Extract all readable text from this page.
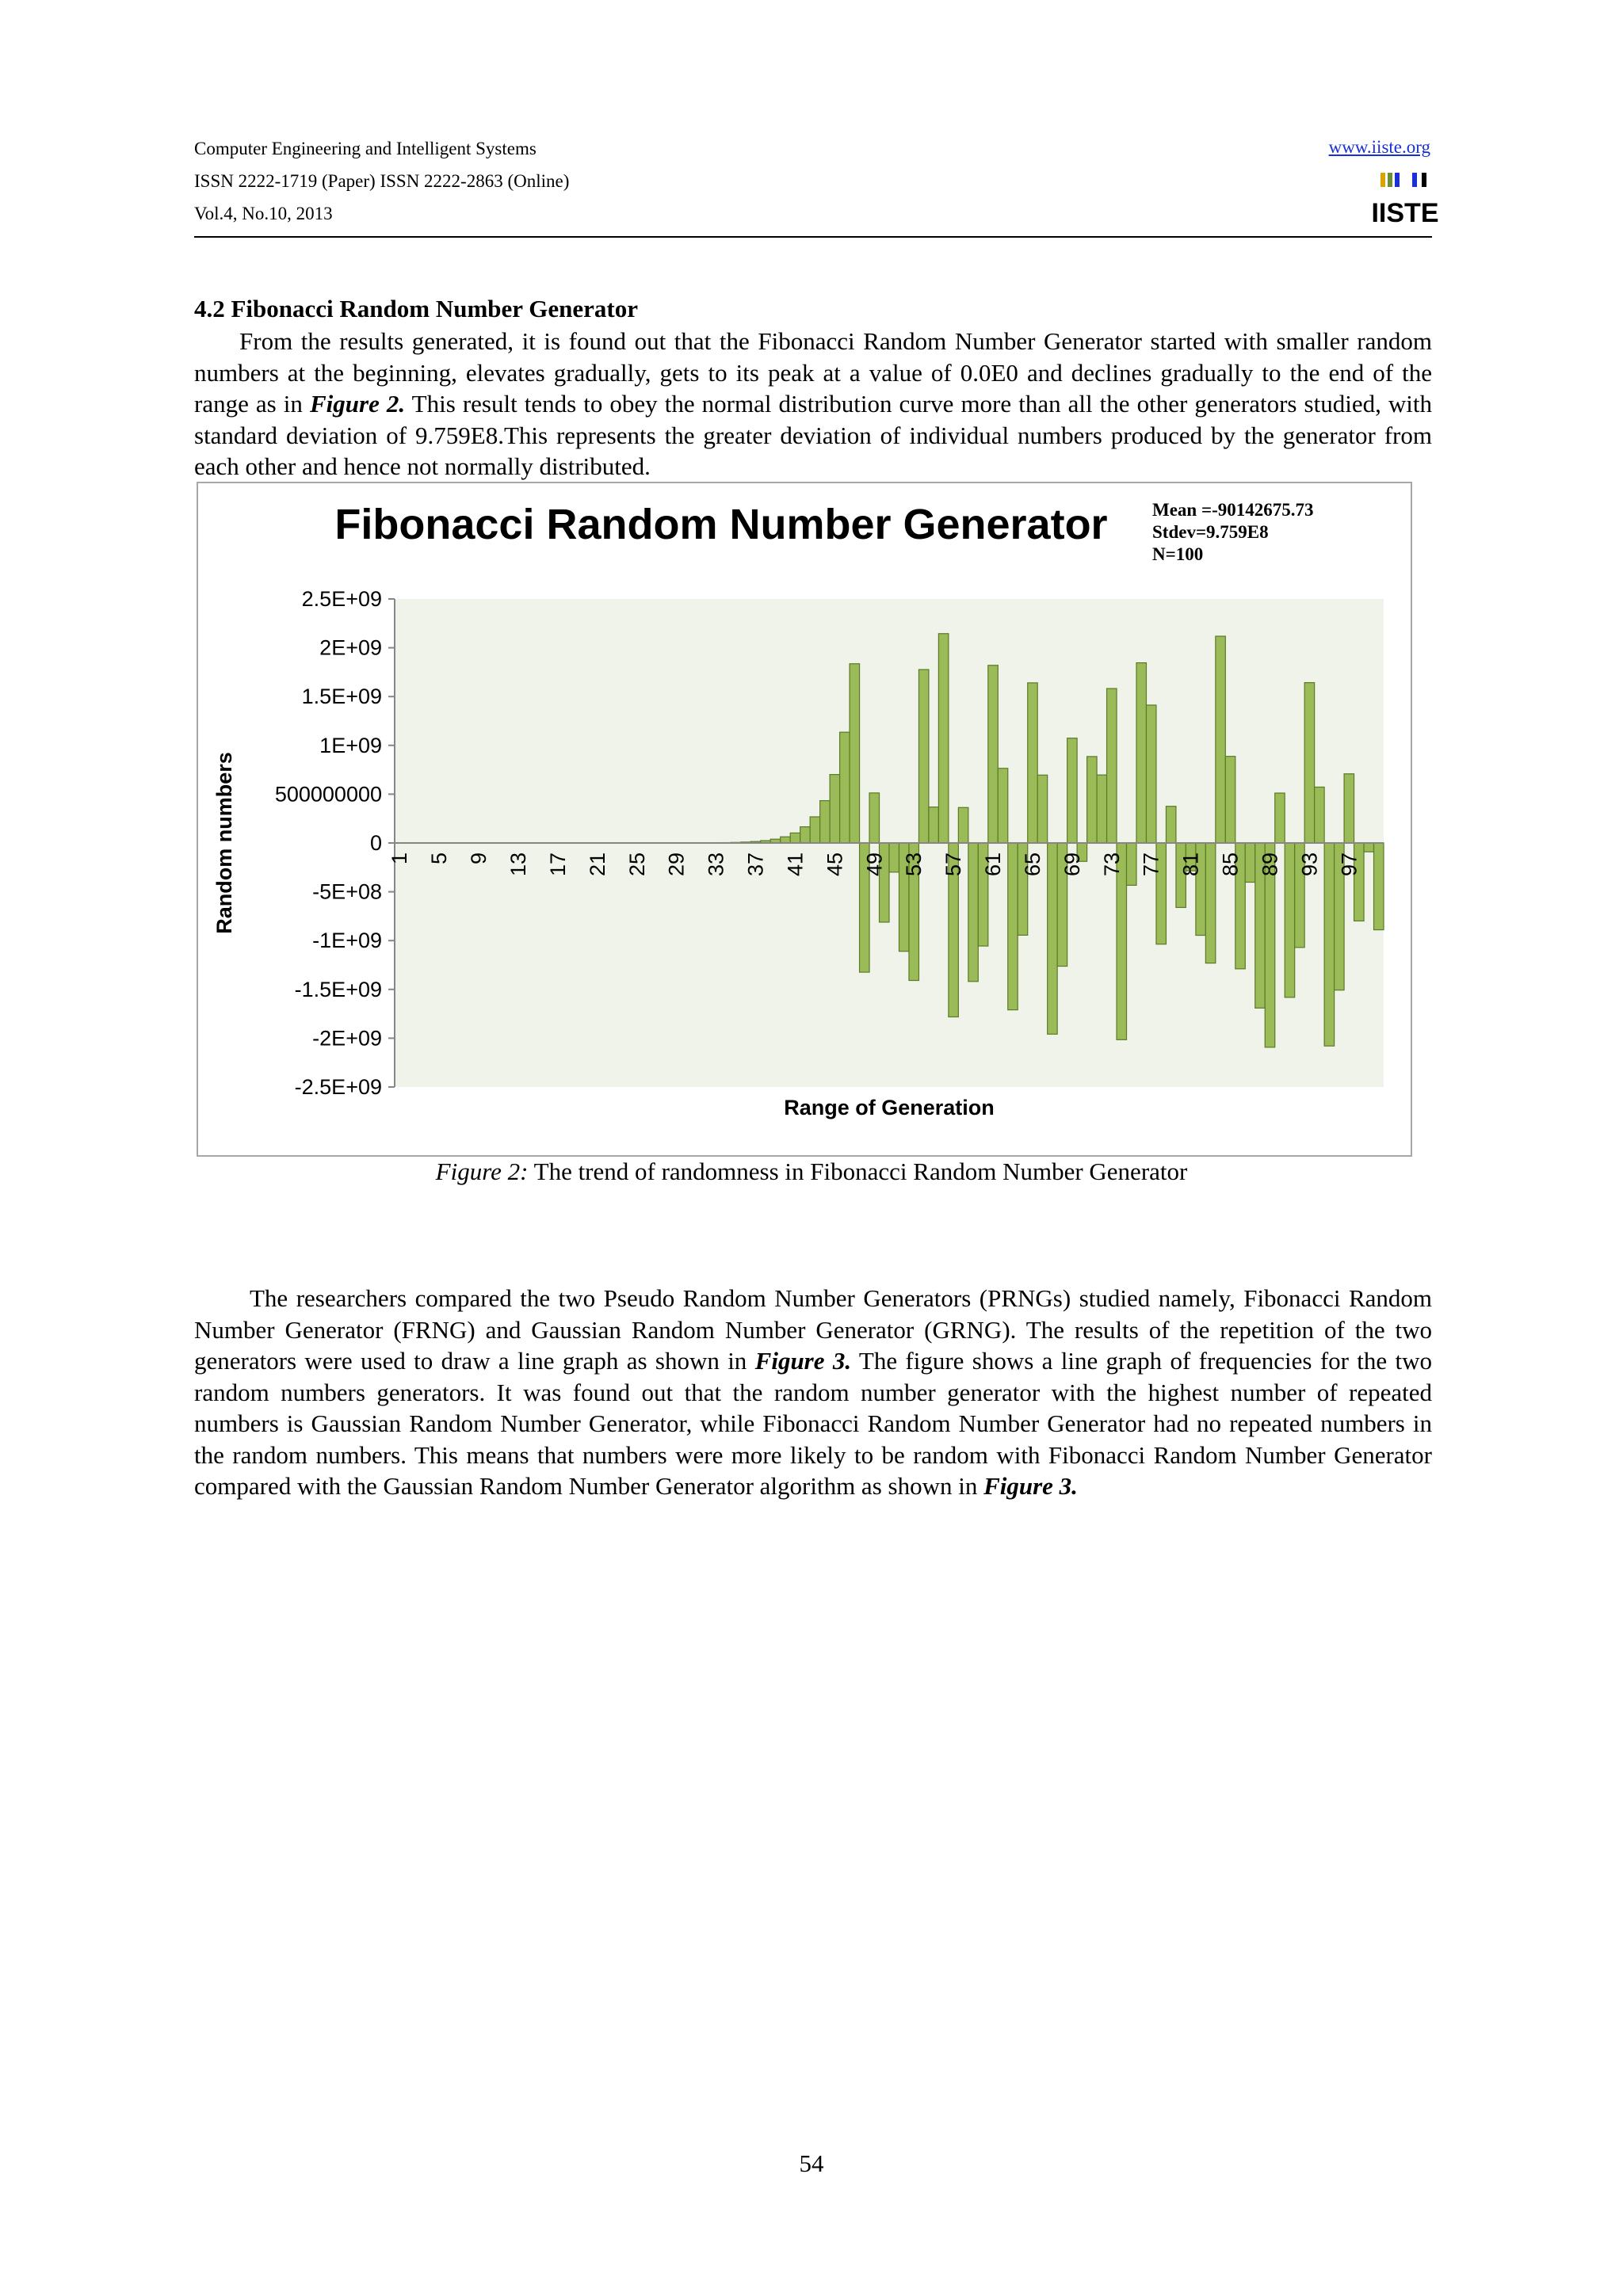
Computer Engineering and Intelligent Systems
ISSN 2222-1719 (Paper) ISSN 2222-2863 (Online)
Vol.4, No.10, 2013
www.iiste.org
IISTE
4.2 Fibonacci Random Number Generator
From the results generated, it is found out that the Fibonacci Random Number Generator started with smaller random numbers at the beginning, elevates gradually, gets to its peak at a value of 0.0E0 and declines gradually to the end of the range as in Figure 2. This result tends to obey the normal distribution curve more than all the other generators studied, with standard deviation of 9.759E8.This represents the greater deviation of individual numbers produced by the generator from each other and hence not normally distributed.
Fibonacci Random Number Generator Mean =-90142675.73
Stdev=9.759E8
N=100
2.5E+09
2E+09
1.5E+09
1E+09
500000000
0
-5E+08
-1E+09
-1.5E+09
-2E+09
-2.5E+09
1 5 9 13 17 21 25 29 33 37 41 45 49 53 57 61 65 69 73 77 81 85 89 93 97
Random numbers
Range of Generation
Figure 2: The trend of randomness in Fibonacci Random Number Generator
The researchers compared the two Pseudo Random Number Generators (PRNGs) studied namely, Fibonacci Random Number Generator (FRNG) and Gaussian Random Number Generator (GRNG). The results of the repetition of the two generators were used to draw a line graph as shown in Figure 3. The figure shows a line graph of frequencies for the two random numbers generators. It was found out that the random number generator with the highest number of repeated numbers is Gaussian Random Number Generator, while Fibonacci Random Number Generator had no repeated numbers in the random numbers. This means that numbers were more likely to be random with Fibonacci Random Number Generator compared with the Gaussian Random Number Generator algorithm as shown in Figure 3.
54
